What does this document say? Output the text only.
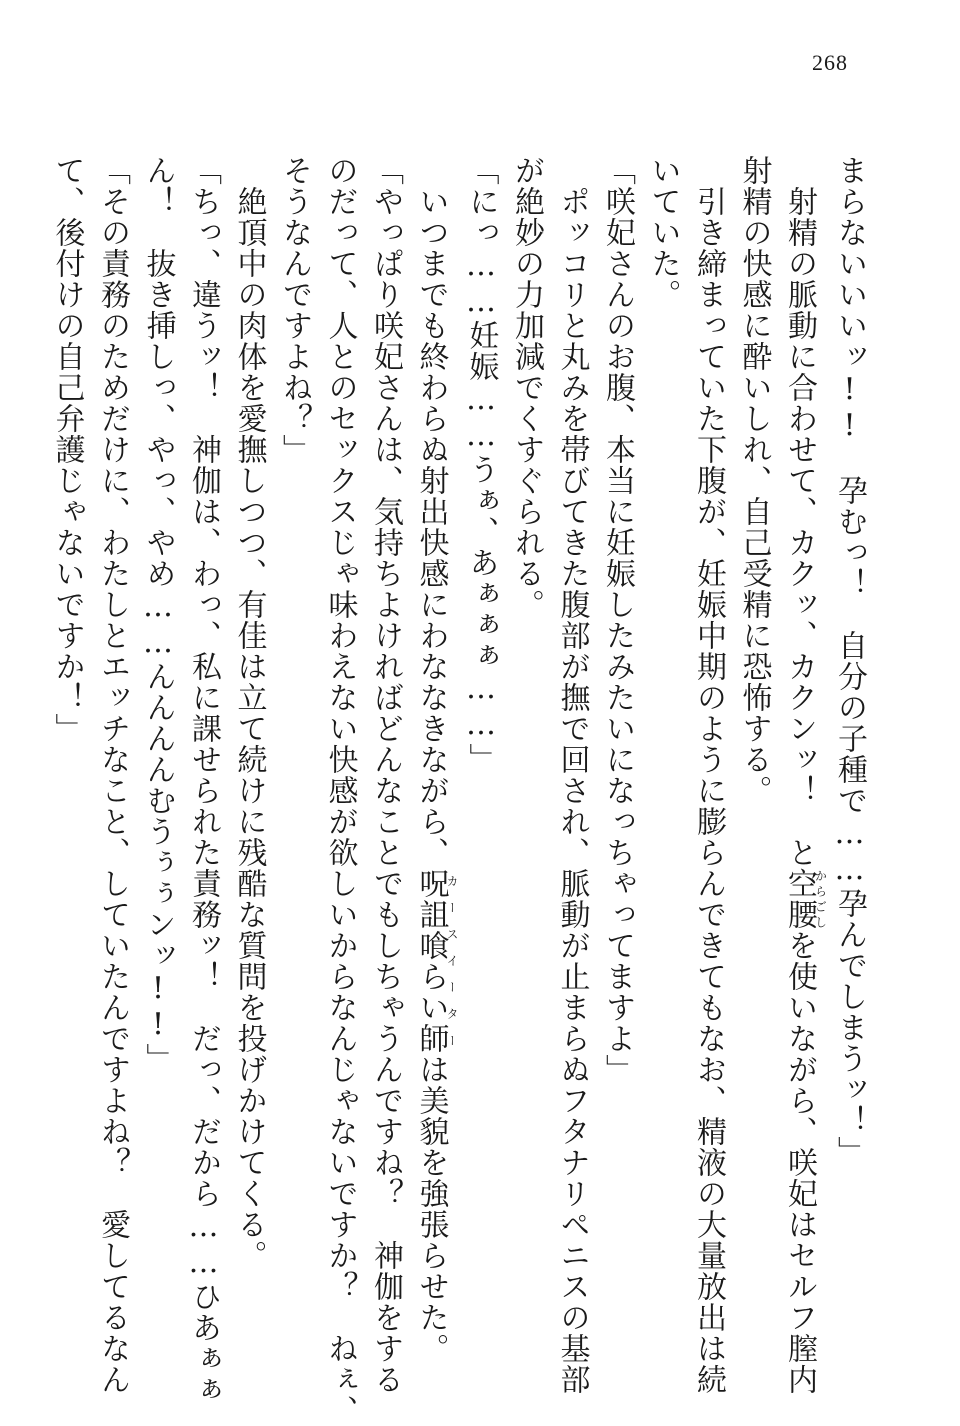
268

まらないいいッ!!　孕むっ！　自分の子種で……孕んでしまうッ！」

　射精の脈動に合わせて、カクッ、カクンッ！　と空腰からごしを使いながら、咲妃はセルフ膣内

射精の快感に酔いしれ、自己受精に恐怖する。

　引き締まっていた下腹が、妊娠中期のように膨らんできてもなお、精液の大量放出は続

いていた。

「咲妃さんのお腹、本当に妊娠したみたいになっちゃってますよ」

　ポッコリと丸みを帯びてきた腹部が撫で回され、脈動が止まらぬフタナリペニスの基部

が絶妙の力加減でくすぐられる。

「にっ……妊娠……うぁ、あぁぁぁ……」

　いつまでも終わらぬ射出快感にわななきながら、呪詛喰らい師カースイーターは美貌を強張らせた。

「やっぱり咲妃さんは、気持ちよければどんなことでもしちゃうんですね？　神伽をする

のだって、人とのセックスじゃ味わえない快感が欲しいからなんじゃないですか？　ねぇ、

そうなんですよね？」

　絶頂中の肉体を愛撫しつつ、有佳は立て続けに残酷な質問を投げかけてくる。

「ちっ、違うッ！　神伽は、わっ、私に課せられた責務ッ！　だっ、だから……ひあぁぁ

ん！　抜き挿しっ、やっ、やめ……んんんんむうぅぅンッ!!」

「その責務のためだけに、わたしとエッチなこと、していたんですよね？　愛してるなん

て、後付けの自己弁護じゃないですか！」
